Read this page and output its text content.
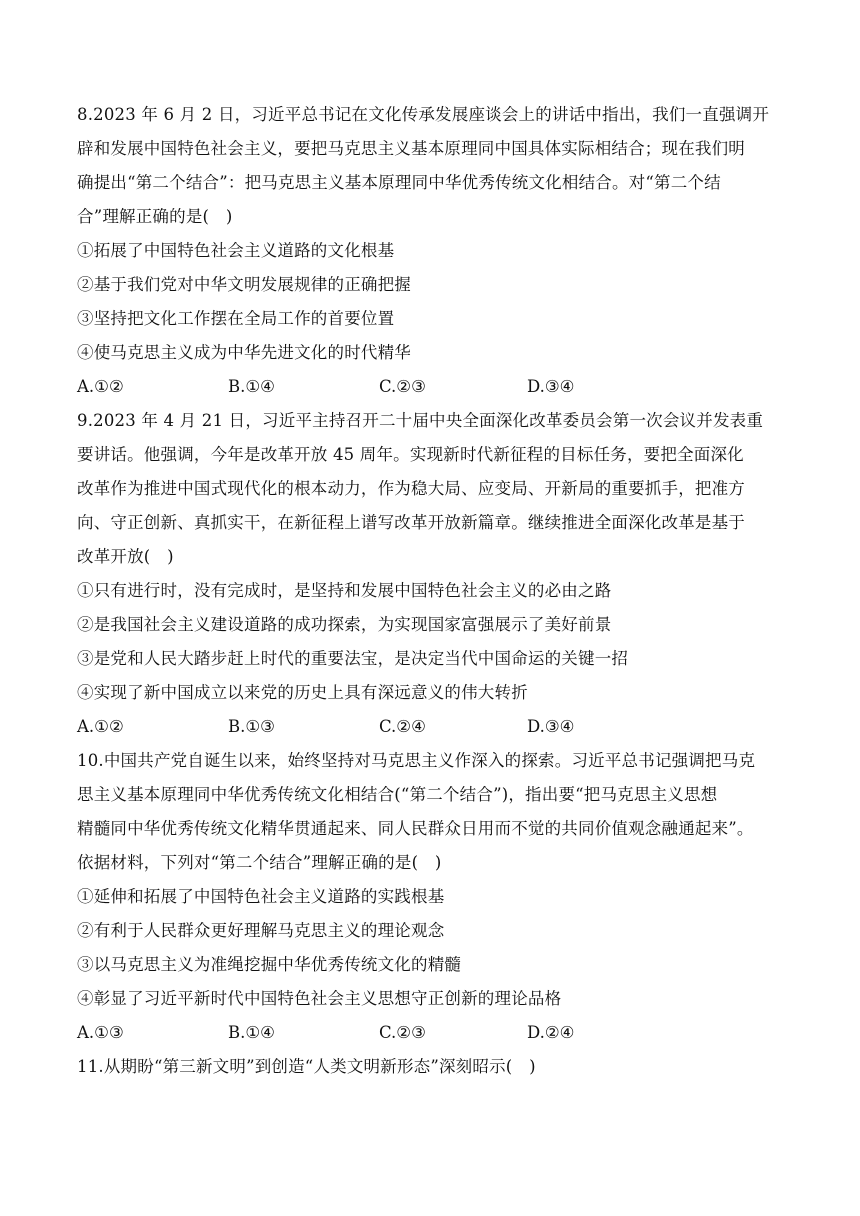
8.2023 年 6 月 2 日，习近平总书记在文化传承发展座谈会上的讲话中指出，我们一直强调开
辟和发展中国特色社会主义，要把马克思主义基本原理同中国具体实际相结合；现在我们明
确提出“第二个结合”：把马克思主义基本原理同中华优秀传统文化相结合。对“第二个结
合”理解正确的是(　)
①拓展了中国特色社会主义道路的文化根基
②基于我们党对中华文明发展规律的正确把握
③坚持把文化工作摆在全局工作的首要位置
④使马克思主义成为中华先进文化的时代精华
A.①②	B.①④	C.②③	D.③④
9.2023 年 4 月 21 日，习近平主持召开二十届中央全面深化改革委员会第一次会议并发表重
要讲话。他强调，今年是改革开放 45 周年。实现新时代新征程的目标任务，要把全面深化
改革作为推进中国式现代化的根本动力，作为稳大局、应变局、开新局的重要抓手，把准方
向、守正创新、真抓实干，在新征程上谱写改革开放新篇章。继续推进全面深化改革是基于
改革开放(　)
①只有进行时，没有完成时，是坚持和发展中国特色社会主义的必由之路
②是我国社会主义建设道路的成功探索，为实现国家富强展示了美好前景
③是党和人民大踏步赶上时代的重要法宝，是决定当代中国命运的关键一招
④实现了新中国成立以来党的历史上具有深远意义的伟大转折
A.①②	B.①③	C.②④	D.③④
10.中国共产党自诞生以来，始终坚持对马克思主义作深入的探索。习近平总书记强调把马克
思主义基本原理同中华优秀传统文化相结合(“第二个结合”)，指出要“把马克思主义思想
精髓同中华优秀传统文化精华贯通起来、同人民群众日用而不觉的共同价值观念融通起来”。
依据材料，下列对“第二个结合”理解正确的是(　)
①延伸和拓展了中国特色社会主义道路的实践根基
②有利于人民群众更好理解马克思主义的理论观念
③以马克思主义为准绳挖掘中华优秀传统文化的精髓
④彰显了习近平新时代中国特色社会主义思想守正创新的理论品格
A.①③	B.①④	C.②③	D.②④
11.从期盼“第三新文明”到创造“人类文明新形态”深刻昭示(　)
